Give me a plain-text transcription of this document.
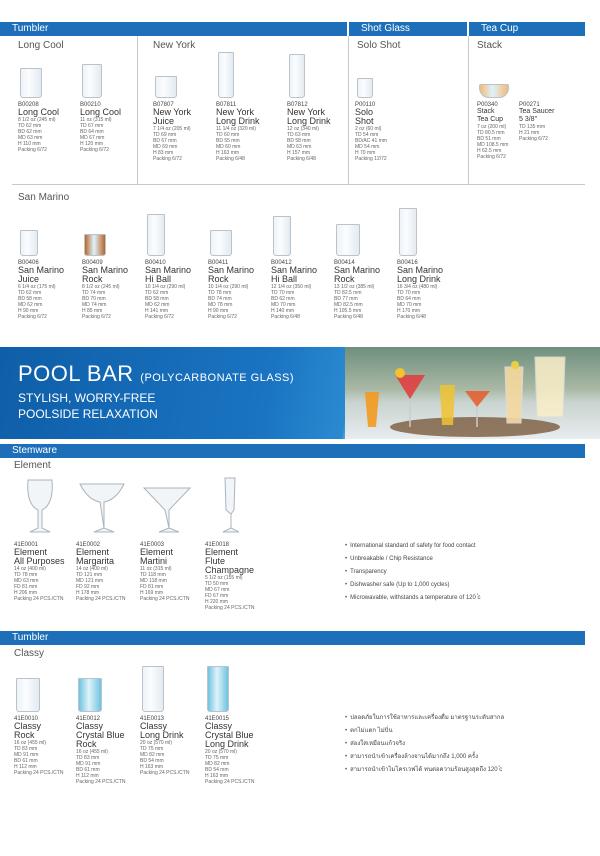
Tumbler	Shot Glass	Tea Cup
Long Cool	New York	Solo Shot	Stack
B00208
Long Cool
8 1/2 oz (245 ml)
TD 62 mm
BD 62 mm
MD 63 mm
H 110 mm
Packing 6/72
B00210
Long Cool
11 oz (315 ml)
TD 67 mm
BD 64 mm
MD 67 mm
H 120 mm
Packing 6/72
B07807
New York
Juice
7 1/4 oz (205 ml)
TD 69 mm
BD 67 mm
MD 69 mm
H 83 mm
Packing 6/72
B07811
New York
Long Drink
11 1/4 oz (320 ml)
TD 60 mm
BD 55 mm
MD 60 mm
H 163 mm
Packing 6/48
B07812
New York
Long Drink
12 oz (340 ml)
TD 63 mm
BD 58 mm
MD 63 mm
H 157 mm
Packing 6/48
P00110
Solo
Shot
2 oz (60 ml)
TD 54 mm
BD/AC 41 mm
MD 54 mm
H 70 mm
Packing 12/72
P00340
Stack
Tea Cup
7 oz (200 ml)
TD 80.5 mm
BD 51 mm
MD 108.5 mm
H 62.5 mm
Packing 6/72
P00271
Tea Saucer
5 3/8"
TD 135 mm
H 21 mm
Packing 6/72
San Marino
B00406
San Marino
Juice
6 1/4 oz (175 ml)
TD 62 mm
BD 58 mm
MD 62 mm
H 90 mm
Packing 6/72
B00409
San Marino
Rock
8 1/2 oz (245 ml)
TD 74 mm
BD 70 mm
MD 74 mm
H 85 mm
Packing 6/72
B00410
San Marino
Hi Ball
10 1/4 oz (290 ml)
TD 62 mm
BD 58 mm
MD 62 mm
H 141 mm
Packing 6/72
B00411
San Marino
Rock
10 1/4 oz (290 ml)
TD 78 mm
BD 74 mm
MD 78 mm
H 90 mm
Packing 6/72
B00412
San Marino
Hi Ball
12 1/4 oz (350 ml)
TD 70 mm
BD 62 mm
MD 70 mm
H 140 mm
Packing 6/48
B00414
San Marino
Rock
13 1/2 oz (385 ml)
TD 82.5 mm
BD 77 mm
MD 82.5 mm
H 105.5 mm
Packing 6/48
B00416
San Marino
Long Drink
16 3/4 oz (480 ml)
TD 70 mm
BD 64 mm
MD 70 mm
H 170 mm
Packing 6/48
POOL BAR (POLYCARBONATE GLASS)
STYLISH, WORRY-FREE
POOLSIDE RELAXATION
Stemware
Element
41E0001
Element
All Purposes
14 oz (400 ml)
TD 78 mm
MD 63 mm
FD 81 mm
H 206 mm
Packing 24 PCS./CTN
41E0002
Element
Margarita
14 oz (400 ml)
TD 121 mm
MD 121 mm
FD 92 mm
H 178 mm
Packing 24 PCS./CTN
41E0003
Element
Martini
11 oz (315 ml)
TD 118 mm
MD 118 mm
FD 81 mm
H 169 mm
Packing 24 PCS./CTN
41E0018
Element
Flute
Champagne
5 1/2 oz (155 ml)
TD 50 mm
MD 67 mm
FD 67 mm
H 220 mm
Packing 24 PCS./CTN
• International standard of safety for food contact
• Unbreakable / Chip Resistance
• Transparency
• Dishwasher safe (Up to 1,000 cycles)
• Microwavable, withstands a temperature of 120 ̊c
Tumbler
Classy
41E0010
Classy
Rock
16 oz (455 ml)
TD 83 mm
MD 91 mm
BD 61 mm
H 112 mm
Packing 24 PCS./CTN
41E0012
Classy
Crystal Blue
Rock
16 oz (455 ml)
TD 83 mm
MD 91 mm
BD 61 mm
H 112 mm
Packing 24 PCS./CTN
41E0013
Classy
Long Drink
20 oz (570 ml)
TD 75 mm
MD 82 mm
BD 54 mm
H 163 mm
Packing 24 PCS./CTN
41E0015
Classy
Crystal Blue
Long Drink
20 oz (570 ml)
TD 75 mm
MD 82 mm
BD 54 mm
H 163 mm
Packing 24 PCS./CTN
• ปลอดภัยในการใช้อาหารและเครื่องดื่ม มาตรฐานระดับสากล
• ตกไม่แตก ไม่บิ่น
• ส่องใสเหมือนแก้วจริง
• สามารถนำเข้าเครื่องล้างจานได้มากถึง 1,000 ครั้ง
• สามารถนำเข้าไมโครเวฟได้ ทนต่อความร้อนสูงสุดถึง 120 ̊c
